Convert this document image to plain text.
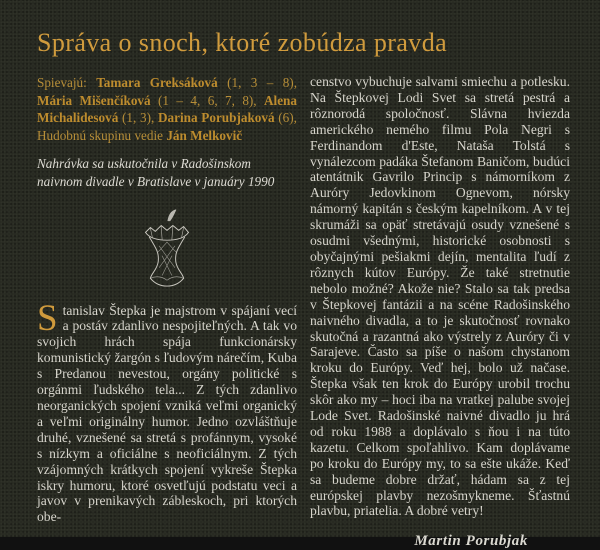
Správa o snoch, ktoré zobúdza pravda

Spievajú: Tamara Greksáková (1, 3 – 8), Mária Mišenčíková (1 – 4, 6, 7, 8), Alena Michalidesová (1, 3), Darina Porubjaková (6), Hudobnú skupinu vedie Ján Melkovič

Nahrávka sa uskutočnila v Radošinskom naivnom divadle v Bratislave v januáry 1990

Stanislav Štepka je majstrom v spájaní vecí a postáv zdanlivo nespojiteľných. A tak vo svojich hrách spája funkcionársky komunistický žargón s ľudovým nárečím, Kuba s Predanou nevestou, orgány politické s orgánmi ľudského tela... Z tých zdanlivo neorganických spojení vzniká veľmi organický a veľmi originálny humor. Jedno ozvláštňuje druhé, vznešené sa stretá s profánnym, vysoké s nízkym a oficiálne s neoficiálnym. Z tých vzájomných krátkych spojení vykreše Štepka iskry humoru, ktoré osvetľujú podstatu veci a javov v prenikavých zábleskoch, pri ktorých obe-

censtvo vybuchuje salvami smiechu a potlesku. Na Štepkovej Lodi Svet sa stretá pestrá a rôznorodá spoločnosť. Slávna hviezda amerického nemého filmu Pola Negri s Ferdinandom d'Este, Nataša Tolstá s vynálezcom padáka Štefanom Baničom, budúci atentátnik Gavrilo Princip s námorníkom z Auróry Jedovkinom Ognevom, nórsky námorný kapitán s českým kapelníkom. A v tej skrumáži sa opäť stretávajú osudy vznešené s osudmi všednými, historické osobnosti s obyčajnými pešiakmi dejín, mentalita ľudí z rôznych kútov Európy. Že také stretnutie nebolo možné? Akože nie? Stalo sa tak predsa v Štepkovej fantázii a na scéne Radošinského naivného divadla, a to je skutočnosť rovnako skutočná a razantná ako výstrely z Auróry či v Sarajeve. Často sa píše o našom chystanom kroku do Európy. Veď hej, bolo už načase. Štepka však ten krok do Európy urobil trochu skôr ako my – hoci iba na vratkej palube svojej Lode Svet. Radošinské naivné divadlo ju hrá od roku 1988 a doplávalo s ňou i na túto kazetu. Celkom spoľahlivo. Kam doplávame po kroku do Európy my, to sa ešte ukáže. Keď sa budeme dobre držať, hádam sa z tej európskej plavby nezošmykneme. Šťastnú plavbu, priatelia. A dobré vetry!

Martin Porubjak
